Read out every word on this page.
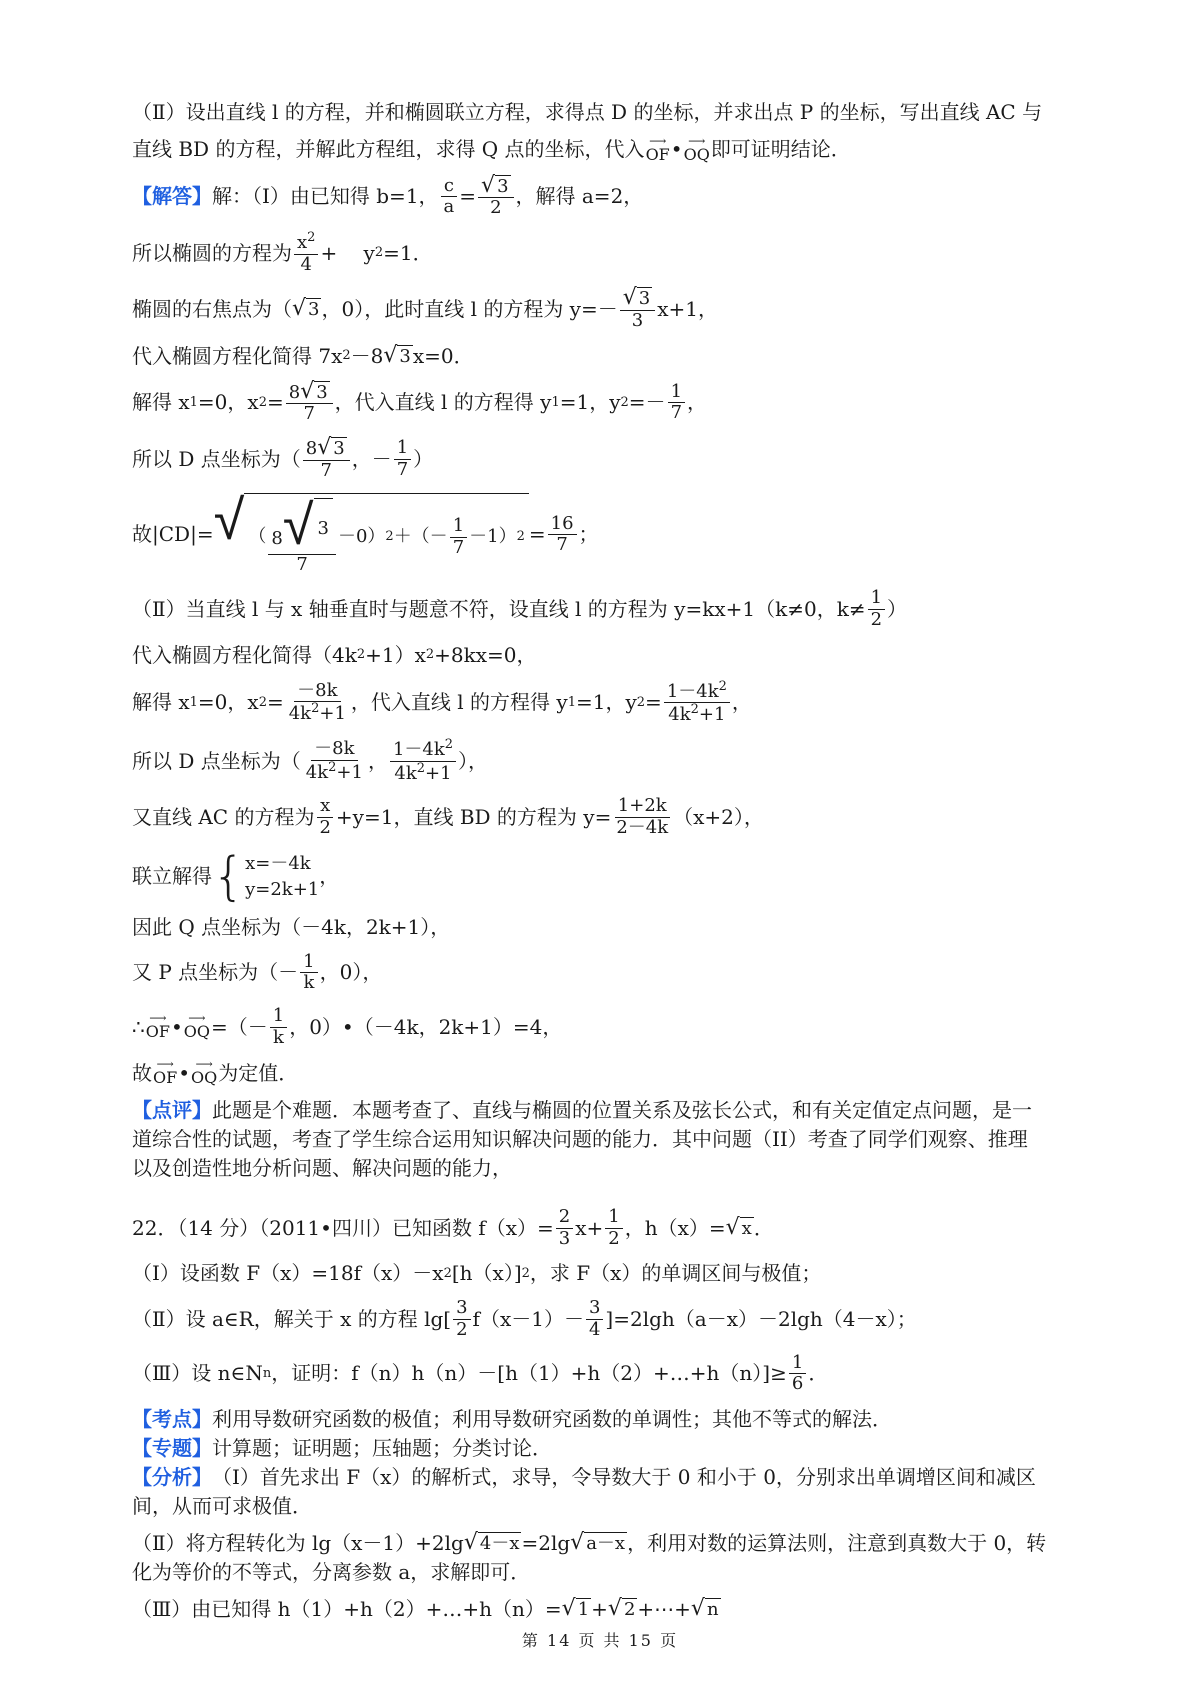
（Ⅱ）设出直线 l 的方程，并和椭圆联立方程，求得点 D 的坐标，并求出点 P 的坐标，写出直线 AC 与
直线 BD 的方程，并解此方程组，求得 Q 点的坐标，代入 ⟶
OF • ⟶
OQ 即可证明结论．
【解答】 解：（I）由已知得 b=1， $\frac{c}{a} = \frac{√ 3}{2}$ ，解得 a=2，
所以椭圆的方程为 $\frac{x^2}{4}$ +　 y 2 =1．
椭圆的右焦点为（ √ 3 ，0），此时直线 l 的方程为 $y=- \frac{√ 3}{3} x+1$，
代入椭圆方程化简得 7x 2 －8 √ 3 x=0．
解得 x 1 =0，x $2 = \frac{8 √ 3}{7}$ ，代入直线 l 的方程得 y 1 =1，y $2 =- \frac{1}{7}$ ，
所以 D 点坐标为（ $\frac{8 √ 3}{7}$ ，－ $\frac{1}{7}$ ）
故|CD|= √ （ $\frac{8 √ 3}{7} -0$） 2 ＋（－ $\frac{1}{7} -1$） $2 = \frac{16}{7}$ ；
（Ⅱ）当直线 l 与 x 轴垂直时与题意不符，设直线 l 的方程为 y=kx+1（k≠0，$k\ne \frac{1}{2}$ ）
代入椭圆方程化简得（4k 2 +1）x 2 +8kx=0，
解得 x 1 =0，x $2 = \frac{-8k}{4k^2+1}$ ，代入直线 l 的方程得 y 1 =1，y $2 = \frac{1-4k^2}{4k^2+1}$ ，
所以 D 点坐标为（ $\frac{-8k}{4k^2+1}$ ， $\frac{1-4k^2}{4k^2+1}$ ），
又直线 AC 的方程为 $\frac{x}{2} +y=1$，直线 BD 的方程为 $y= \frac{1+2k}{2-4k} (x+2)$，
联立解得 { x=－4k
y=2k+1
，
因此 Q 点坐标为（－4k，2k+1），
又 P 点坐标为（－ $\frac{1}{k}$ ，0），
∴ ⟶
OF • ⟶
OQ =（－ $\frac{1}{k}$ ，0）•（－4k，2k+1）=4，
故 ⟶
OF • ⟶
OQ 为定值．
【点评】 此题是个难题．本题考查了、直线与椭圆的位置关系及弦长公式，和有关定值定点问题，是一
道综合性的试题，考查了学生综合运用知识解决问题的能力．其中问题（II）考查了同学们观察、推理
以及创造性地分析问题、解决问题的能力，
22．（14 分）（2011•四川）已知函数 $f(x)= \frac{2}{3} x+ \frac{1}{2}$ ，h（x）= √ x ．
（Ⅰ）设函数 F（x）=18f（x）－x 2 [h（x）] 2 ，求 F（x）的单调区间与极值；
（Ⅱ）设 a∈R，解关于 x 的方程 $\lg[ \frac{3}{2} f(x-1)- \frac{3}{4} ]=2\lg h(a-x)-2\lg h(4-x)$；
（Ⅲ）设 n∈N n ，证明：f（n）h（n）－[h（1）+h（2）+…+h（n）]≥ $\frac{1}{6}$ ．
【考点】 利用导数研究函数的极值；利用导数研究函数的单调性；其他不等式的解法．
【专题】 计算题；证明题；压轴题；分类讨论．
【分析】 （Ⅰ）首先求出 F（x）的解析式，求导，令导数大于 0 和小于 0，分别求出单调增区间和减区
间，从而可求极值．
（Ⅱ）将方程转化为 lg（x－1）+2lg √ 4－x =2lg √ a－x ，利用对数的运算法则，注意到真数大于 0，转
化为等价的不等式，分离参数 a，求解即可．
（Ⅲ）由已知得 h（1）+h（2）+…+h（n）= √ 1 + √ 2 +⋯+ √ n
第 14 页 共 15 页
